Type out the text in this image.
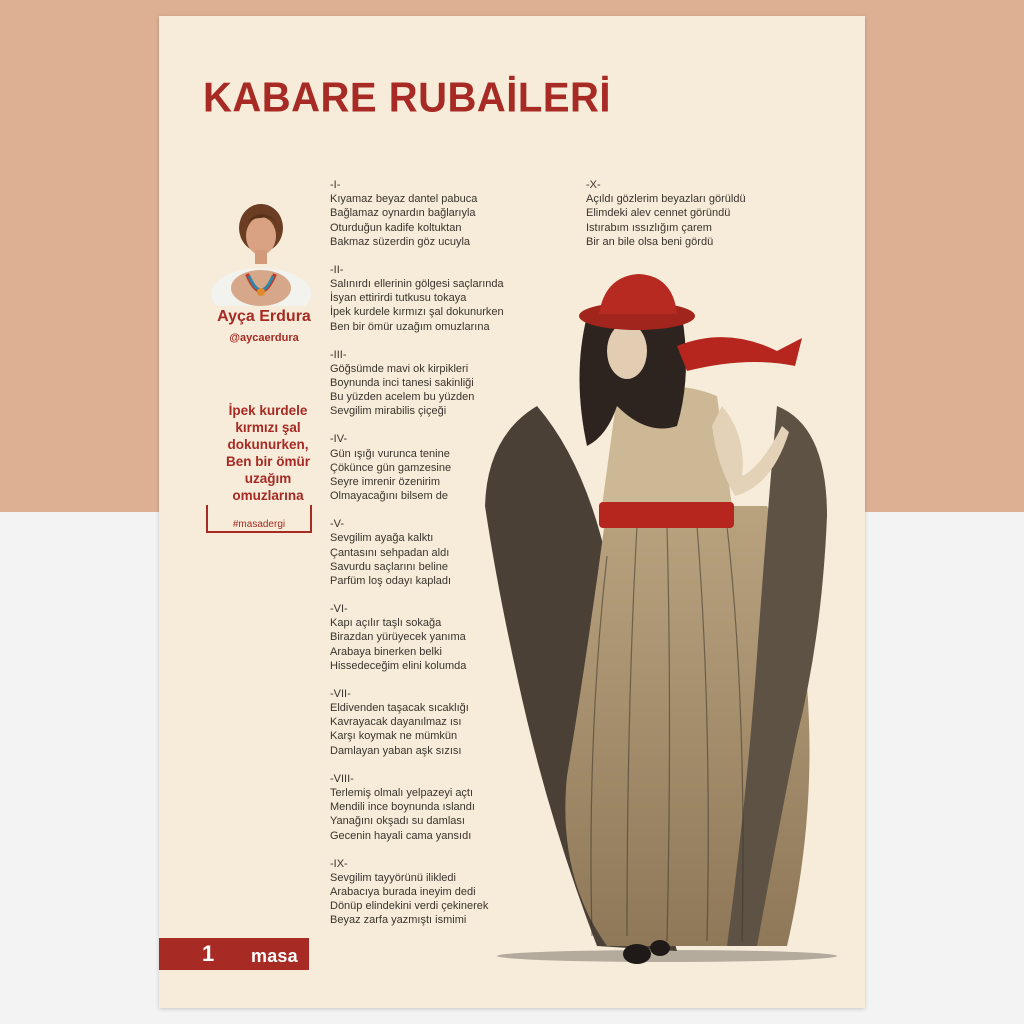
KABARE RUBAİLERİ
Ayça Erdura
@aycaerdura
İpek kurdele
kırmızı şal
dokunurken,
Ben bir ömür
uzağım
omuzlarına
#masadergi
-I-
Kıyamaz beyaz dantel pabuca
Bağlamaz oynardın bağlarıyla
Oturduğun kadife koltuktan
Bakmaz süzerdin göz ucuyla
-II-
Salınırdı ellerinin gölgesi saçlarında
İsyan ettirirdi tutkusu tokaya
İpek kurdele kırmızı şal dokunurken
Ben bir ömür uzağım omuzlarına
-III-
Göğsümde mavi ok kirpikleri
Boynunda inci tanesi sakinliği
Bu yüzden acelem bu yüzden
Sevgilim mirabilis çiçeği
-IV-
Gün ışığı vurunca tenine
Çökünce gün gamzesine
Seyre imrenir özenirim
Olmayacağını bilsem de
-V-
Sevgilim ayağa kalktı
Çantasını sehpadan aldı
Savurdu saçlarını beline
Parfüm loş odayı kapladı
-VI-
Kapı açılır taşlı sokağa
Birazdan yürüyecek yanıma
Arabaya binerken belki
Hissedeceğim elini kolumda
-VII-
Eldivenden taşacak sıcaklığı
Kavrayacak dayanılmaz ısı
Karşı koymak ne mümkün
Damlayan yaban aşk sızısı
-VIII-
Terlemiş olmalı yelpazeyi açtı
Mendili ince boynunda ıslandı
Yanağını okşadı su damlası
Gecenin hayali cama yansıdı
-IX-
Sevgilim tayyörünü ilikledi
Arabacıya burada ineyim dedi
Dönüp elindekini verdi çekinerek
Beyaz zarfa yazmıştı ismimi
-X-
Açıldı gözlerim beyazları görüldü
Elimdeki alev cennet göründü
Istırabım ıssızlığım çarem
Bir an bile olsa beni gördü
1 masa
